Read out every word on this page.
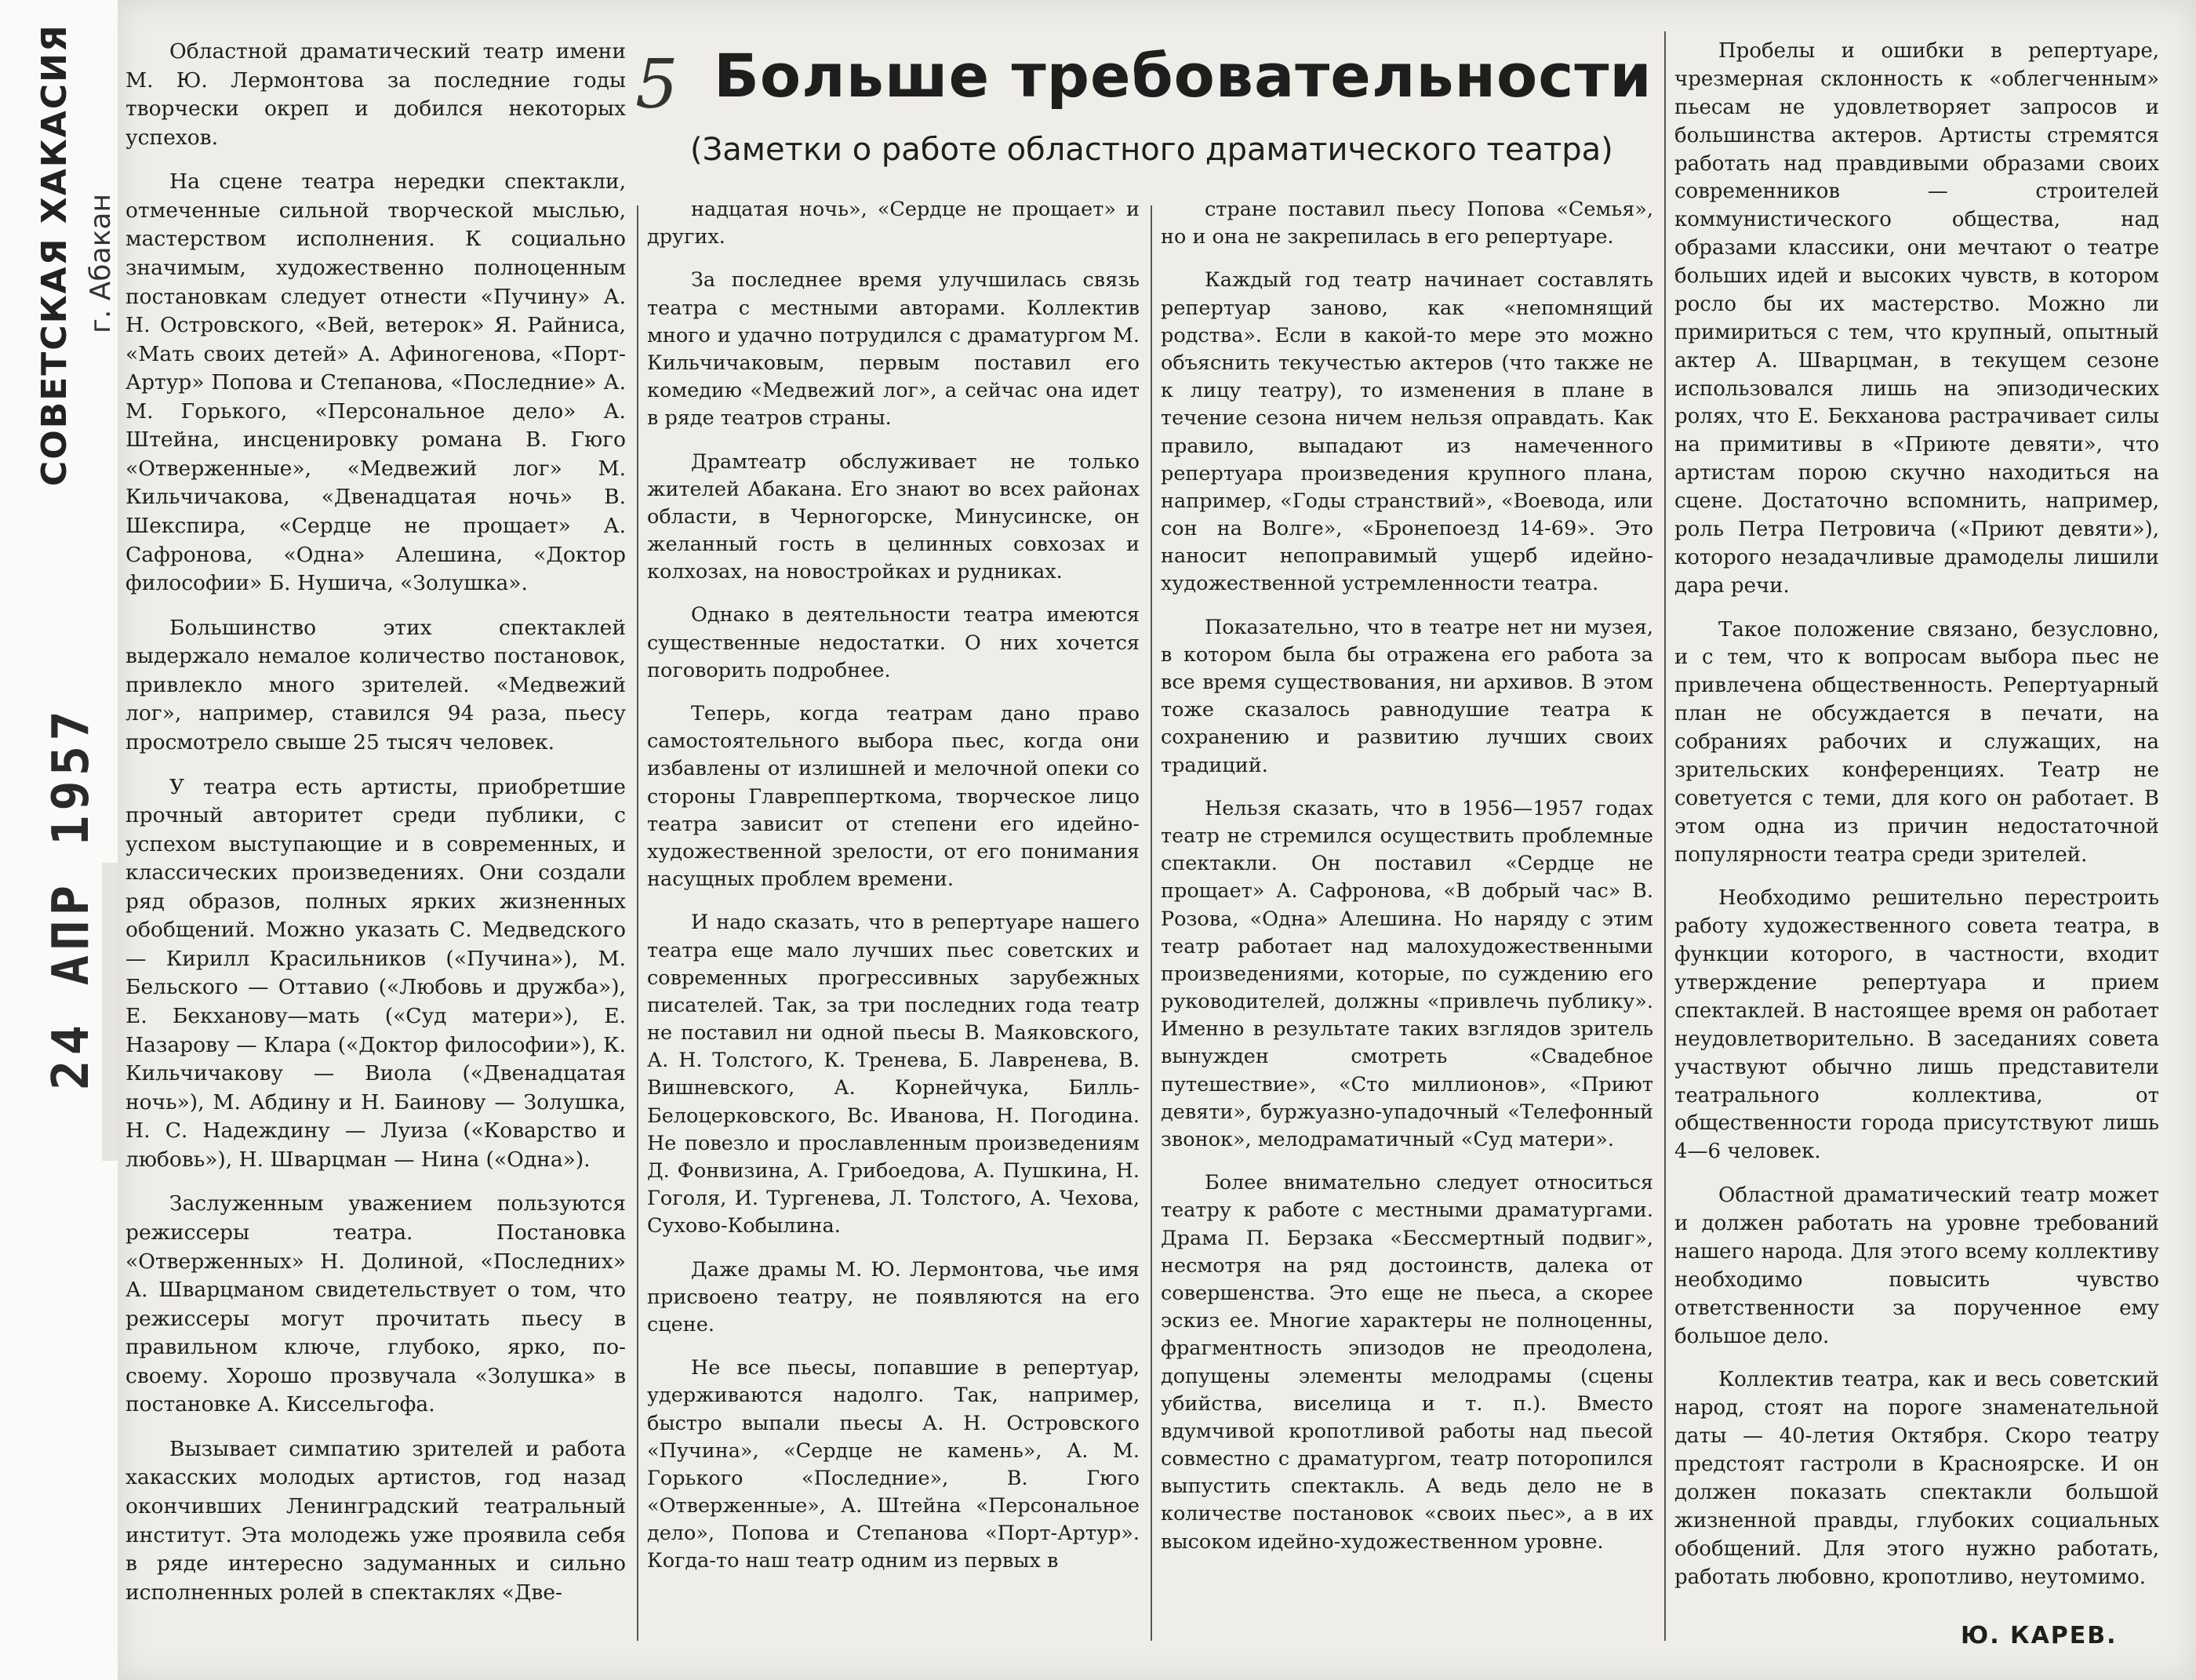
СОВЕТСКАЯ ХАКАСИЯ г. Абакан
24 АПР 1957
5 Больше требовательности
(Заметки о работе областного драматического театра)

Областной драматический театр имени М. Ю. Лермонтова за последние годы творчески окреп и добился некоторых успехов.

На сцене театра нередки спектакли, отмеченные сильной творческой мыслью, мастерством исполнения. К социально значимым, художественно полноценным постановкам следует отнести «Пучину» А. Н. Островского, «Вей, ветерок» Я. Райниса, «Мать своих детей» А. Афиногенова, «Порт-Артур» Попова и Степанова, «Последние» А. М. Горького, «Персональное дело» А. Штейна, инсценировку романа В. Гюго «Отверженные», «Медвежий лог» М. Кильчичакова, «Двенадцатая ночь» В. Шекспира, «Сердце не прощает» А. Сафронова, «Одна» Алешина, «Доктор философии» Б. Нушича, «Золушка».

Большинство этих спектаклей выдержало немалое количество постановок, привлекло много зрителей. «Медвежий лог», например, ставился 94 раза, пьесу просмотрело свыше 25 тысяч человек.

У театра есть артисты, приобретшие прочный авторитет среди публики, с успехом выступающие и в современных, и классических произведениях. Они создали ряд образов, полных ярких жизненных обобщений. Можно указать С. Медведского — Кирилл Красильников («Пучина»), М. Бельского — Оттавио («Любовь и дружба»), Е. Бекханову—мать («Суд матери»), Е. Назарову — Клара («Доктор философии»), К. Кильчичакову — Виола («Двенадцатая ночь»), М. Абдину и Н. Баинову — Золушка, Н. С. Надеждину — Луиза («Коварство и любовь»), Н. Шварцман — Нина («Одна»).

Заслуженным уважением пользуются режиссеры театра. Постановка «Отверженных» Н. Долиной, «Последних» А. Шварцманом свидетельствует о том, что режиссеры могут прочитать пьесу в правильном ключе, глубоко, ярко, по-своему. Хорошо прозвучала «Золушка» в постановке А. Киссельгофа.

Вызывает симпатию зрителей и работа хакасских молодых артистов, год назад окончивших Ленинградский театральный институт. Эта молодежь уже проявила себя в ряде интересно задуманных и сильно исполненных ролей в спектаклях «Две-

надцатая ночь», «Сердце не прощает» и других.

За последнее время улучшилась связь театра с местными авторами. Коллектив много и удачно потрудился с драматургом М. Кильчичаковым, первым поставил его комедию «Медвежий лог», а сейчас она идет в ряде театров страны.

Драмтеатр обслуживает не только жителей Абакана. Его знают во всех районах области, в Черногорске, Минусинске, он желанный гость в целинных совхозах и колхозах, на новостройках и рудниках.

Однако в деятельности театра имеются существенные недостатки. О них хочется поговорить подробнее.

Теперь, когда театрам дано право самостоятельного выбора пьес, когда они избавлены от излишней и мелочной опеки со стороны Главрепперткома, творческое лицо театра зависит от степени его идейно-художественной зрелости, от его понимания насущных проблем времени.

И надо сказать, что в репертуаре нашего театра еще мало лучших пьес советских и современных прогрессивных зарубежных писателей. Так, за три последних года театр не поставил ни одной пьесы В. Маяковского, А. Н. Толстого, К. Тренева, Б. Лавренева, В. Вишневского, А. Корнейчука, Билль-Белоцерковского, Вс. Иванова, Н. Погодина. Не повезло и прославленным произведениям Д. Фонвизина, А. Грибоедова, А. Пушкина, Н. Гоголя, И. Тургенева, Л. Толстого, А. Чехова, Сухово-Кобылина.

Даже драмы М. Ю. Лермонтова, чье имя присвоено театру, не появляются на его сцене.

Не все пьесы, попавшие в репертуар, удерживаются надолго. Так, например, быстро выпали пьесы А. Н. Островского «Пучина», «Сердце не камень», А. М. Горького «Последние», В. Гюго «Отверженные», А. Штейна «Персональное дело», Попова и Степанова «Порт-Артур». Когда-то наш театр одним из первых в

стране поставил пьесу Попова «Семья», но и она не закрепилась в его репертуаре.

Каждый год театр начинает составлять репертуар заново, как «непомнящий родства». Если в какой-то мере это можно объяснить текучестью актеров (что также не к лицу театру), то изменения в плане в течение сезона ничем нельзя оправдать. Как правило, выпадают из намеченного репертуара произведения крупного плана, например, «Годы странствий», «Воевода, или сон на Волге», «Бронепоезд 14-69». Это наносит непоправимый ущерб идейно-художественной устремленности театра.

Показательно, что в театре нет ни музея, в котором была бы отражена его работа за все время существования, ни архивов. В этом тоже сказалось равнодушие театра к сохранению и развитию лучших своих традиций.

Нельзя сказать, что в 1956—1957 годах театр не стремился осуществить проблемные спектакли. Он поставил «Сердце не прощает» А. Сафронова, «В добрый час» В. Розова, «Одна» Алешина. Но наряду с этим театр работает над малохудожественными произведениями, которые, по суждению его руководителей, должны «привлечь публику». Именно в результате таких взглядов зритель вынужден смотреть «Свадебное путешествие», «Сто миллионов», «Приют девяти», буржуазно-упадочный «Телефонный звонок», мелодраматичный «Суд матери».

Более внимательно следует относиться театру к работе с местными драматургами. Драма П. Берзака «Бессмертный подвиг», несмотря на ряд достоинств, далека от совершенства. Это еще не пьеса, а скорее эскиз ее. Многие характеры не полноценны, фрагментность эпизодов не преодолена, допущены элементы мелодрамы (сцены убийства, виселица и т. п.). Вместо вдумчивой кропотливой работы над пьесой совместно с драматургом, театр поторопился выпустить спектакль. А ведь дело не в количестве постановок «своих пьес», а в их высоком идейно-художественном уровне.

Пробелы и ошибки в репертуаре, чрезмерная склонность к «облегченным» пьесам не удовлетворяет запросов и большинства актеров. Артисты стремятся работать над правдивыми образами своих современников — строителей коммунистического общества, над образами классики, они мечтают о театре больших идей и высоких чувств, в котором росло бы их мастерство. Можно ли примириться с тем, что крупный, опытный актер А. Шварцман, в текущем сезоне использовался лишь на эпизодических ролях, что Е. Бекханова растрачивает силы на примитивы в «Приюте девяти», что артистам порою скучно находиться на сцене. Достаточно вспомнить, например, роль Петра Петровича («Приют девяти»), которого незадачливые драмоделы лишили дара речи.

Такое положение связано, безусловно, и с тем, что к вопросам выбора пьес не привлечена общественность. Репертуарный план не обсуждается в печати, на собраниях рабочих и служащих, на зрительских конференциях. Театр не советуется с теми, для кого он работает. В этом одна из причин недостаточной популярности театра среди зрителей.

Необходимо решительно перестроить работу художественного совета театра, в функции которого, в частности, входит утверждение репертуара и прием спектаклей. В настоящее время он работает неудовлетворительно. В заседаниях совета участвуют обычно лишь представители театрального коллектива, от общественности города присутствуют лишь 4—6 человек.

Областной драматический театр может и должен работать на уровне требований нашего народа. Для этого всему коллективу необходимо повысить чувство ответственности за порученное ему большое дело.

Коллектив театра, как и весь советский народ, стоят на пороге знаменательной даты — 40-летия Октября. Скоро театру предстоят гастроли в Красноярске. И он должен показать спектакли большой жизненной правды, глубоких социальных обобщений. Для этого нужно работать, работать любовно, кропотливо, неутомимо.

Ю. КАРЕВ.
